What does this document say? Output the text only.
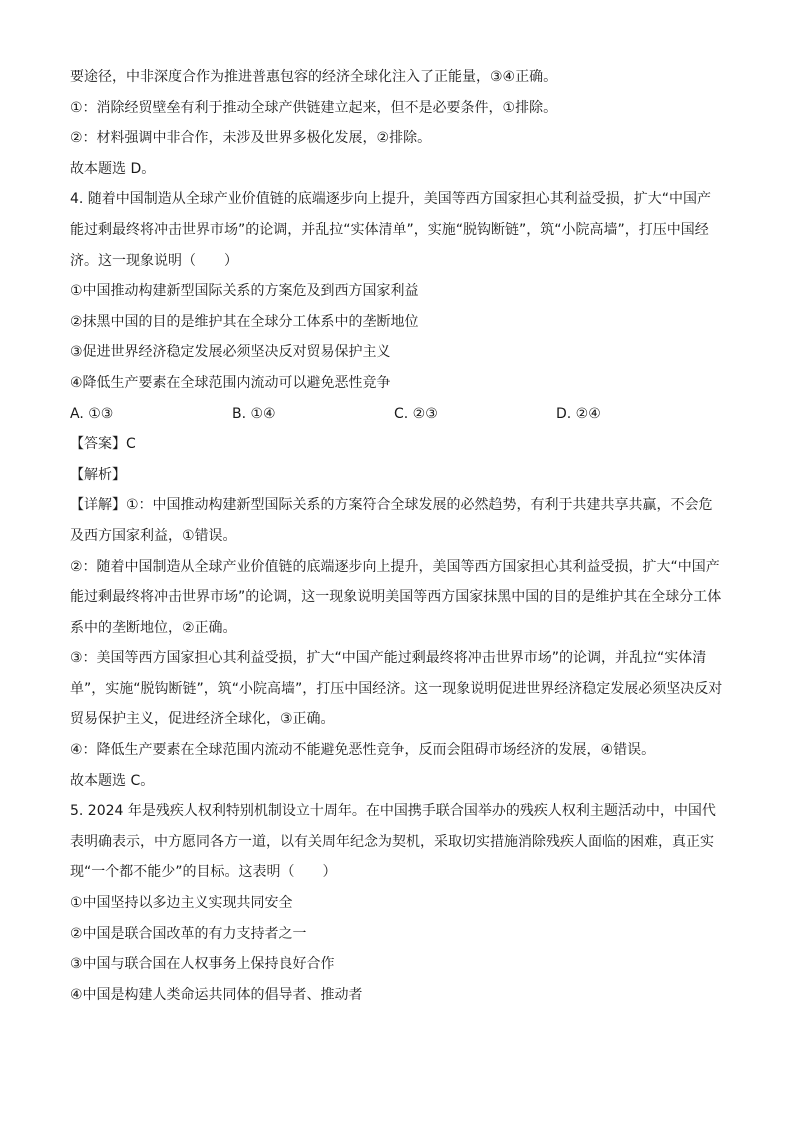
要途径，中非深度合作为推进普惠包容的经济全球化注入了正能量，③④正确。

①：消除经贸壁垒有利于推动全球产供链建立起来，但不是必要条件，①排除。

②：材料强调中非合作，未涉及世界多极化发展，②排除。

故本题选 D。

4. 随着中国制造从全球产业价值链的底端逐步向上提升，美国等西方国家担心其利益受损，扩大“中国产能过剩最终将冲击世界市场”的论调，并乱拉“实体清单”，实施“脱钩断链”，筑“小院高墙”，打压中国经济。这一现象说明（　　）

①中国推动构建新型国际关系的方案危及到西方国家利益

②抹黑中国的目的是维护其在全球分工体系中的垄断地位

③促进世界经济稳定发展必须坚决反对贸易保护主义

④降低生产要素在全球范围内流动可以避免恶性竞争

A. ①③	B. ①④	C. ②③	D. ②④

【答案】C

【解析】

【详解】①：中国推动构建新型国际关系的方案符合全球发展的必然趋势，有利于共建共享共赢，不会危及西方国家利益，①错误。

②：随着中国制造从全球产业价值链的底端逐步向上提升，美国等西方国家担心其利益受损，扩大“中国产能过剩最终将冲击世界市场”的论调，这一现象说明美国等西方国家抹黑中国的目的是维护其在全球分工体系中的垄断地位，②正确。

③：美国等西方国家担心其利益受损，扩大“中国产能过剩最终将冲击世界市场”的论调，并乱拉“实体清单”，实施“脱钩断链”，筑“小院高墙”，打压中国经济。这一现象说明促进世界经济稳定发展必须坚决反对贸易保护主义，促进经济全球化，③正确。

④：降低生产要素在全球范围内流动不能避免恶性竞争，反而会阻碍市场经济的发展，④错误。

故本题选 C。

5. 2024 年是残疾人权利特别机制设立十周年。在中国携手联合国举办的残疾人权利主题活动中，中国代表明确表示，中方愿同各方一道，以有关周年纪念为契机，采取切实措施消除残疾人面临的困难，真正实现“一个都不能少”的目标。这表明（　　）

①中国坚持以多边主义实现共同安全

②中国是联合国改革的有力支持者之一

③中国与联合国在人权事务上保持良好合作

④中国是构建人类命运共同体的倡导者、推动者
